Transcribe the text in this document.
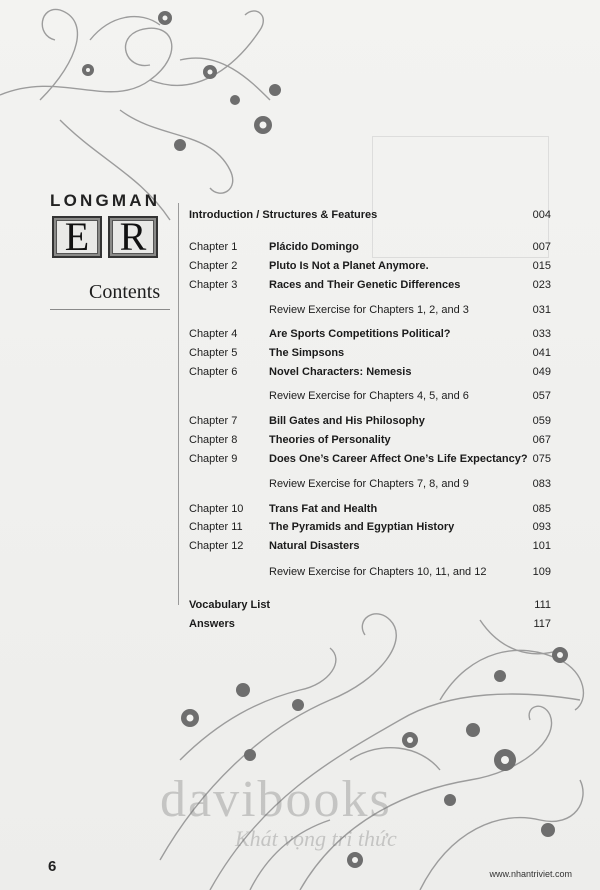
LONGMAN
E R
Contents
Introduction / Structures & Features	004
Chapter 1	Plácido Domingo	007
Chapter 2	Pluto Is Not a Planet Anymore.	015
Chapter 3	Races and Their Genetic Differences	023
Review Exercise for Chapters 1, 2, and 3	031
Chapter 4	Are Sports Competitions Political?	033
Chapter 5	The Simpsons	041
Chapter 6	Novel Characters: Nemesis	049
Review Exercise for Chapters 4, 5, and 6	057
Chapter 7	Bill Gates and His Philosophy	059
Chapter 8	Theories of Personality	067
Chapter 9	Does One’s Career Affect One’s Life Expectancy? 075
Review Exercise for Chapters 7, 8, and 9	083
Chapter 10	Trans Fat and Health	085
Chapter 11	The Pyramids and Egyptian History	093
Chapter 12	Natural Disasters	101
Review Exercise for Chapters 10, 11, and 12	109
Vocabulary List	111
Answers	117
davibooks
Khát vọng tri thức
6	www.nhantriviet.com
